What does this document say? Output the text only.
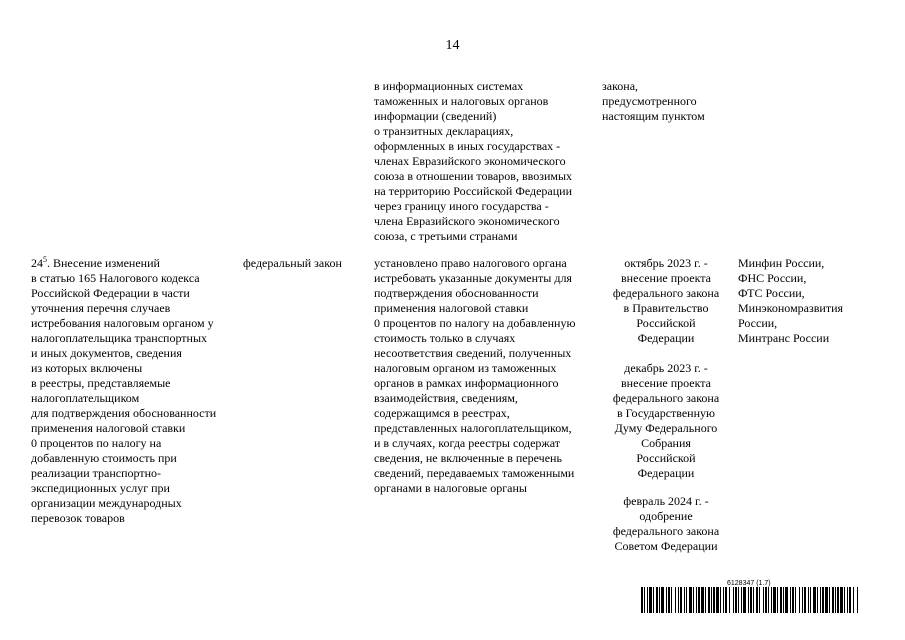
14
в информационных системах
таможенных и налоговых органов
информации (сведений)
о транзитных декларациях,
оформленных в иных государствах -
членах Евразийского экономического
союза в отношении товаров, ввозимых
на территорию Российской Федерации
через границу иного государства -
члена Евразийского экономического
союза, с третьими странами
закона,
предусмотренного
настоящим пунктом
$24^5$. Внесение изменений
в статью 165 Налогового кодекса
Российской Федерации в части
уточнения перечня случаев
истребования налоговым органом у
налогоплательщика транспортных
и иных документов, сведения
из которых включены
в реестры, представляемые
налогоплательщиком
для подтверждения обоснованности
применения налоговой ставки
0 процентов по налогу на
добавленную стоимость при
реализации транспортно-
экспедиционных услуг при
организации международных
перевозок товаров
федеральный закон	установлено право налогового органа
истребовать указанные документы для
подтверждения обоснованности
применения налоговой ставки
0 процентов по налогу на добавленную
стоимость только в случаях
несоответствия сведений, полученных
налоговым органом из таможенных
органов в рамках информационного
взаимодействия, сведениям,
содержащимся в реестрах,
представленных налогоплательщиком,
и в случаях, когда реестры содержат
сведения, не включенные в перечень
сведений, передаваемых таможенными
органами в налоговые органы
октябрь 2023 г. -
внесение проекта
федерального закона
в Правительство
Российской
Федерации
декабрь 2023 г. -
внесение проекта
федерального закона
в Государственную
Думу Федерального
Собрания
Российской
Федерации
февраль 2024 г. -
одобрение
федерального закона
Советом Федерации
Минфин России,
ФНС России,
ФТС России,
Минэкономразвития
России,
Минтранс России
6128347 (1.7)
